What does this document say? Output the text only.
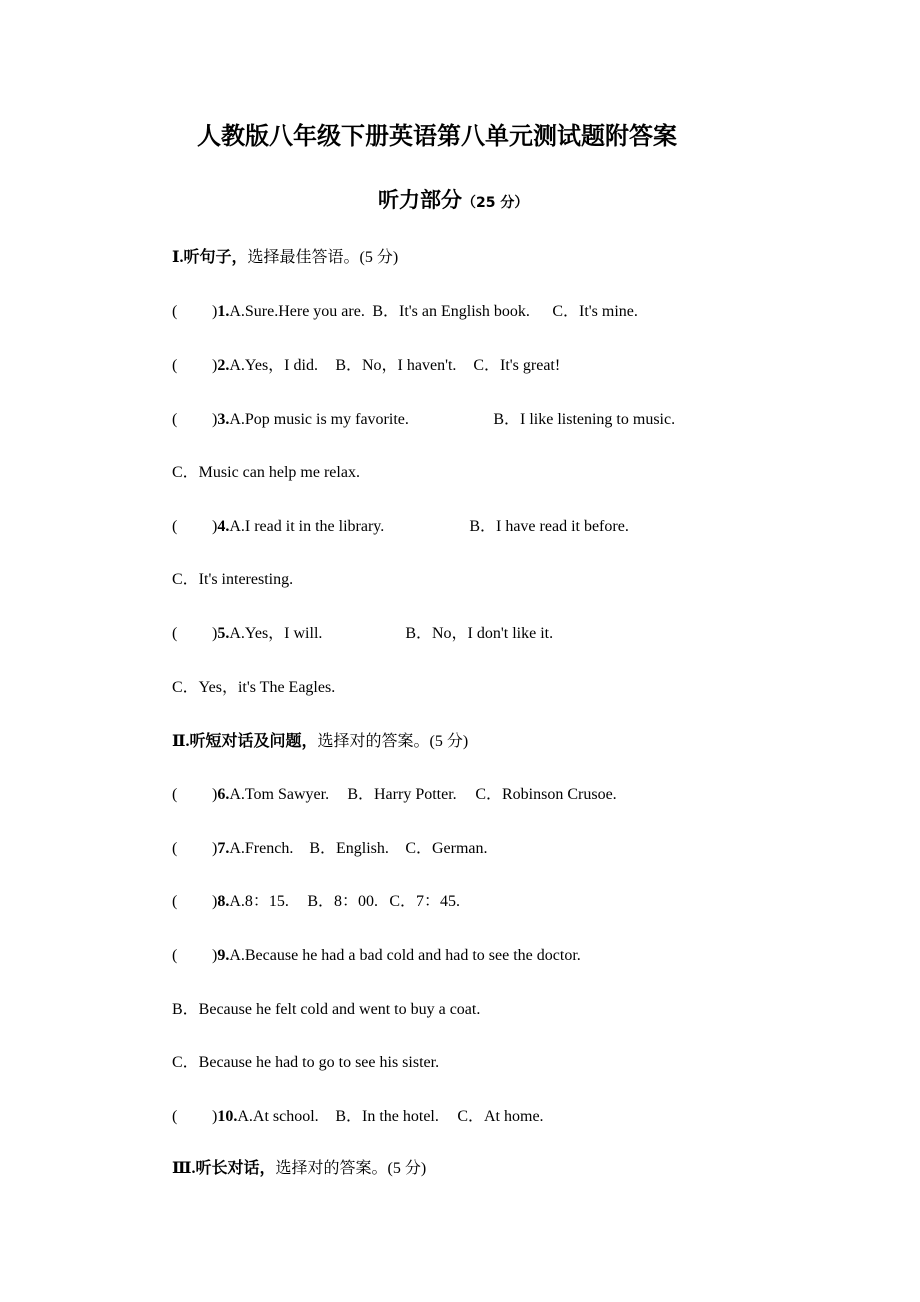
人教版八年级下册英语第八单元测试题附答案
听力部分（25 分）
Ⅰ.听句子，选择最佳答语。(5 分)
( )1.A.Sure.Here you are. B．It's an English book. C．It's mine.
( )2.A.Yes，I did. B．No，I haven't. C．It's great!
( )3.A.Pop music is my favorite.	B．I like listening to music.
C．Music can help me relax.
( )4.A.I read it in the library.	B．I have read it before.
C．It's interesting.
( )5.A.Yes，I will.	B．No，I don't like it.
C．Yes，it's The Eagles.
Ⅱ.听短对话及问题，选择对的答案。(5 分)
( )6.A.Tom Sawyer. B．Harry Potter. C．Robinson Crusoe.
( )7.A.French. B．English. C．German.
( )8.A.8：15. B．8：00. C．7：45.
( )9.A.Because he had a bad cold and had to see the doctor.
B．Because he felt cold and went to buy a coat.
C．Because he had to go to see his sister.
( )10.A.At school. B．In the hotel. C．At home.
Ⅲ.听长对话，选择对的答案。(5 分)
